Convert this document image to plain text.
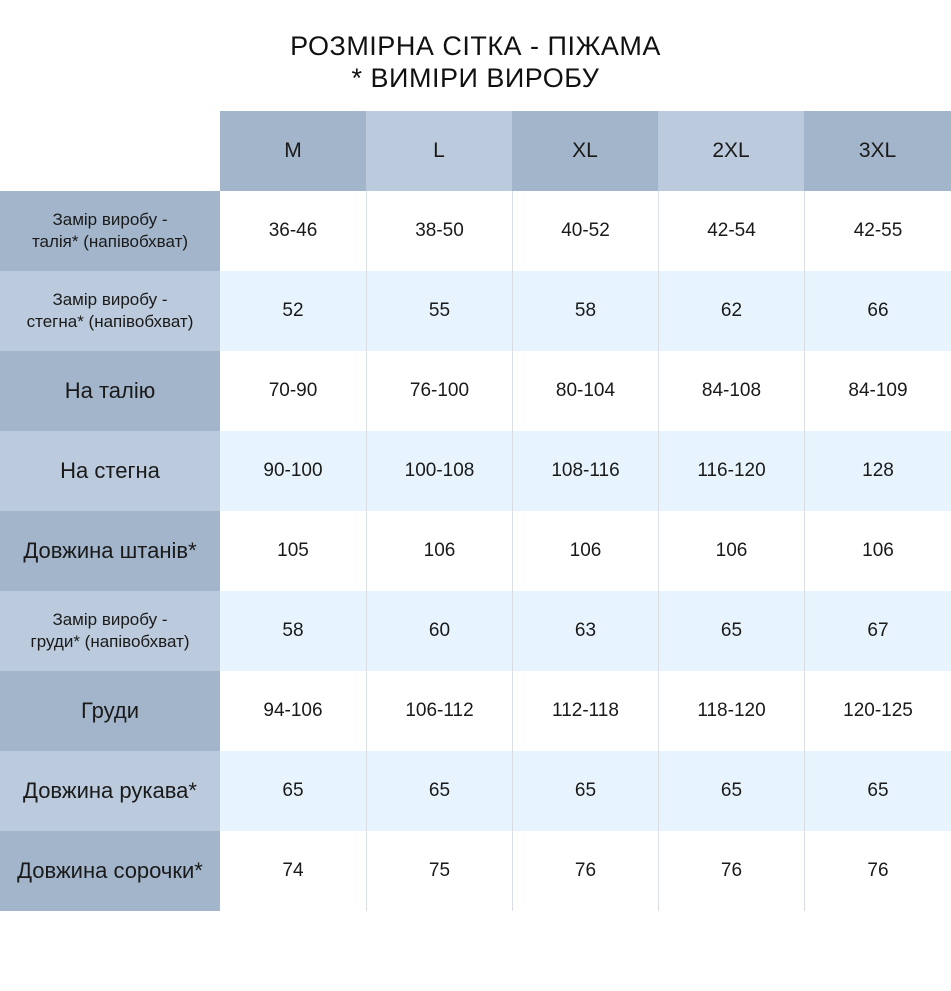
РОЗМІРНА СІТКА - ПІЖАМА
* ВИМІРИ ВИРОБУ
M	L	XL	2XL	3XL
Замір виробу -
талія* (напівобхват)
36-46	38-50	40-52	42-54	42-55
Замір виробу -
стегна* (напівобхват)
52	55	58	62	66
На талію	70-90	76-100	80-104	84-108	84-109
На стегна	90-100	100-108	108-116	116-120	128
Довжина штанів*	105	106	106	106	106
Замір виробу -
груди* (напівобхват)
58	60	63	65	67
Груди	94-106	106-112	112-118	118-120	120-125
Довжина рукава*	65	65	65	65	65
Довжина сорочки*	74	75	76	76	76
